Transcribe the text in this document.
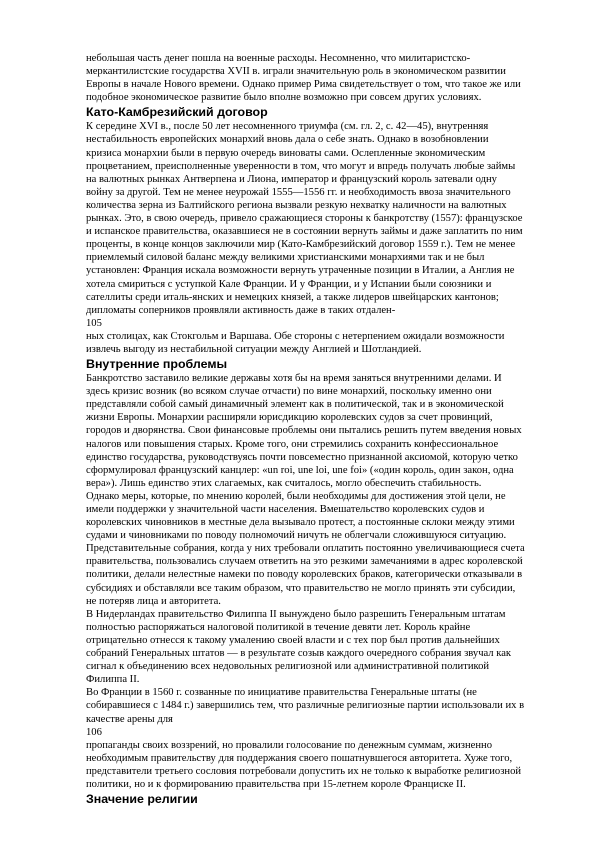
небольшая часть денег пошла на военные расходы. Несомненно, что милитаристско-меркантилистские государства XVII в. играли значительную роль в экономическом развитии Европы в начале Нового времени. Однако пример Рима свидетельствует о том, что такое же или подобное экономическое развитие было вполне возможно при совсем других условиях.

Като-Камбрезийский договор

К середине XVI в., после 50 лет несомненного триумфа (см. гл. 2, с. 42—45), внутренняя нестабильность европейских монархий вновь дала о себе знать. Однако в возобновлении кризиса монархии были в первую очередь виноваты сами. Ослепленные экономическим процветанием, преисполненные уверенности в том, что могут и впредь получать любые займы на валютных рынках Антверпена и Лиона, император и французский король затевали одну войну за другой. Тем не менее неурожай 1555—1556 гг. и необходимость ввоза значительного количества зерна из Балтийского региона вызвали резкую нехватку наличности на валютных рынках. Это, в свою очередь, привело сражающиеся стороны к банкротству (1557): французское и испанское правительства, оказавшиеся не в состоянии вернуть займы и даже заплатить по ним проценты, в конце концов заключили мир (Като-Камбрезийский договор 1559 г.). Тем не менее приемлемый силовой баланс между великими христианскими монархиями так и не был установлен: Франция искала возможности вернуть утраченные позиции в Италии, а Англия не хотела смириться с уступкой Кале Франции. И у Франции, и у Испании были союзники и сателлиты среди италь-янских и немецких князей, а также лидеров швейцарских кантонов; дипломаты соперников проявляли активность даже в таких отдален-

105

ных столицах, как Стокгольм и Варшава. Обе стороны с нетерпением ожидали возможности извлечь выгоду из нестабильной ситуации между Англией и Шотландией.

Внутренние проблемы

Банкротство заставило великие державы хотя бы на время заняться внутренними делами. И здесь кризис возник (во всяком случае отчасти) по вине монархий, поскольку именно они представляли собой самый динамичный элемент как в политической, так и в экономической жизни Европы. Монархии расширяли юрисдикцию королевских судов за счет провинций, городов и дворянства. Свои финансовые проблемы они пытались решить путем введения новых налогов или повышения старых. Кроме того, они стремились сохранить конфессиональное единство государства, руководствуясь почти повсеместно признанной аксиомой, которую четко сформулировал французский канцлер: «un roi, une loi, une foi» («один король, один закон, одна вера»). Лишь единство этих слагаемых, как считалось, могло обеспечить стабильность.

Однако меры, которые, по мнению королей, были необходимы для достижения этой цели, не имели поддержки у значительной части населения. Вмешательство королевских судов и королевских чиновников в местные дела вызывало протест, а постоянные склоки между этими судами и чиновниками по поводу полномочий ничуть не облегчали сложившуюся ситуацию. Представительные собрания, когда у них требовали оплатить постоянно увеличивающиеся счета правительства, пользовались случаем ответить на это резкими замечаниями в адрес королевской политики, делали нелестные намеки по поводу королевских браков, категорически отказывали в субсидиях и обставляли все таким образом, что правительство не могло принять эти субсидии, не потеряв лица и авторитета.

В Нидерландах правительство Филиппа II вынуждено было разрешить Генеральным штатам полностью распоряжаться налоговой политикой в течение девяти лет. Король крайне отрицательно отнесся к такому умалению своей власти и с тех пор был против дальнейших собраний Генеральных штатов — в результате созыв каждого очередного собрания звучал как сигнал к объединению всех недовольных религиозной или административной политикой Филиппа II.

Во Франции в 1560 г. созванные по инициативе правительства Генеральные штаты (не собиравшиеся с 1484 г.) завершились тем, что различные религиозные партии использовали их в качестве арены для

106

пропаганды своих воззрений, но провалили голосование по денежным суммам, жизненно необходимым правительству для поддержания своего пошатнувшегося авторитета. Хуже того, представители третьего сословия потребовали допустить их не только к выработке религиозной политики, но и к формированию правительства при 15-летнем короле Франциске II.

Значение религии
